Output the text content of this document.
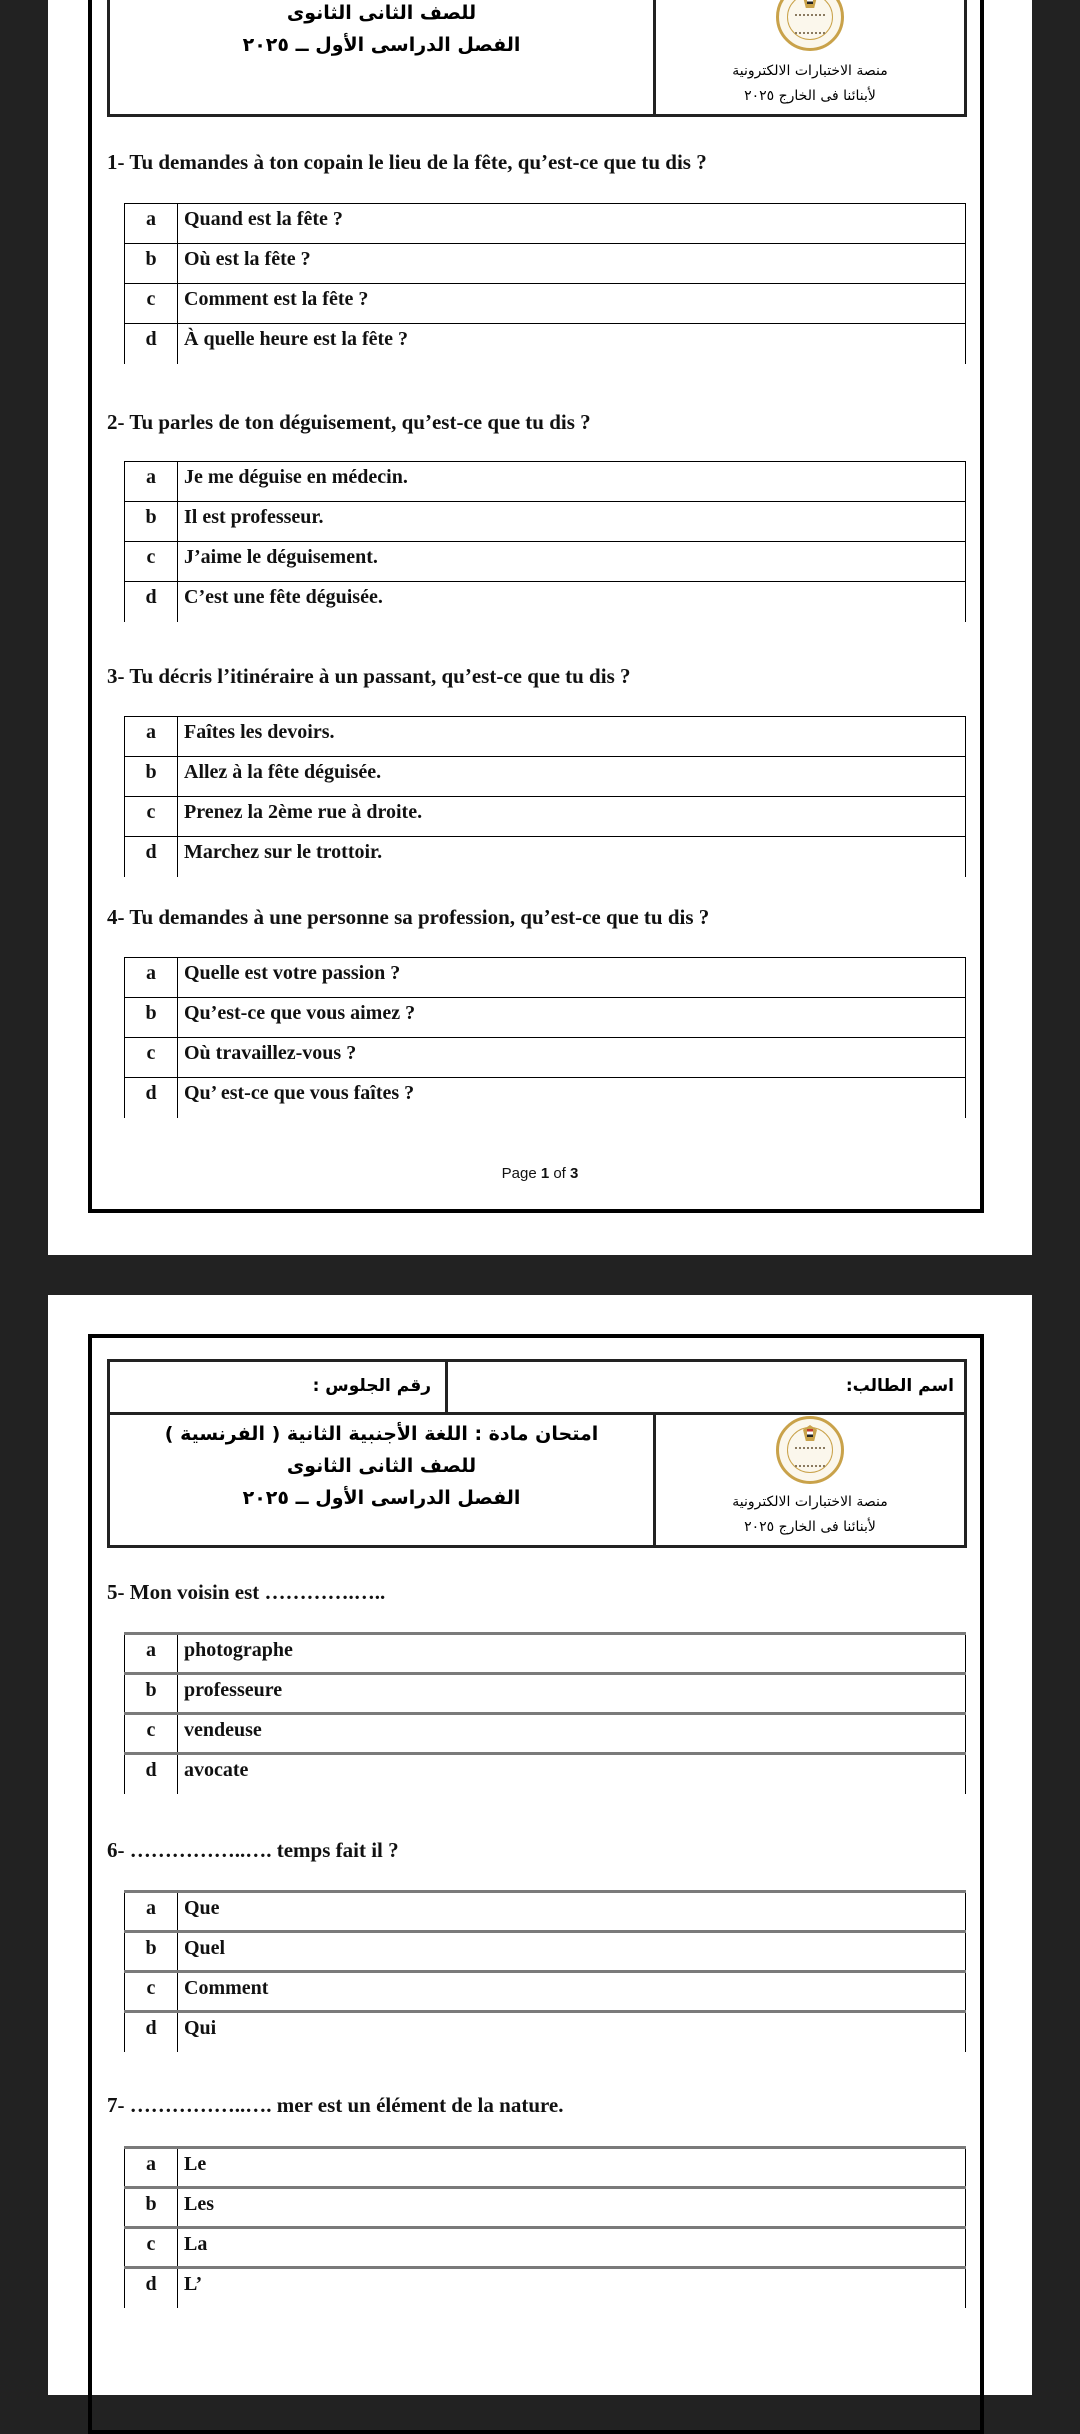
للصف الثانى الثانوى
الفصل الدراسى الأول ــ ٢٠٢٥
منصة الاختبارات الالكترونية
لأبنائنا فى الخارج ٢٠٢٥
1- Tu demandes à ton copain le lieu de la fête, qu’est-ce que tu dis ?
a	Quand est la fête ?
b	Où est la fête ?
c	Comment est la fête ?
d	À quelle heure est la fête ?
2- Tu parles de ton déguisement, qu’est-ce que tu dis ?
a	Je me déguise en médecin.
b	Il est professeur.
c	J’aime le déguisement.
d	C’est une fête déguisée.
3- Tu décris l’itinéraire à un passant, qu’est-ce que tu dis ?
a	Faîtes les devoirs.
b	Allez à la fête déguisée.
c	Prenez la 2ème rue à droite.
d	Marchez sur le trottoir.
4- Tu demandes à une personne sa profession, qu’est-ce que tu dis ?
a	Quelle est votre passion ?
b	Qu’est-ce que vous aimez ?
c	Où travaillez-vous ?
d	Qu’ est-ce que vous faîtes ?
Page 1 of 3
رقم الجلوس :	اسم الطالب:
امتحان مادة : اللغة الأجنبية الثانية ( الفرنسية )
للصف الثانى الثانوى
الفصل الدراسى الأول ــ ٢٠٢٥	منصة الاختبارات الالكترونية
لأبنائنا فى الخارج ٢٠٢٥
5- Mon voisin est ………….…..
a	photographe
b	professeure
c	vendeuse
d	avocate
6- ……………..…. temps fait il ?
a	Que
b	Quel
c	Comment
d	Qui
7- ……………..…. mer est un élément de la nature.
a	Le
b	Les
c	La
d	L’
